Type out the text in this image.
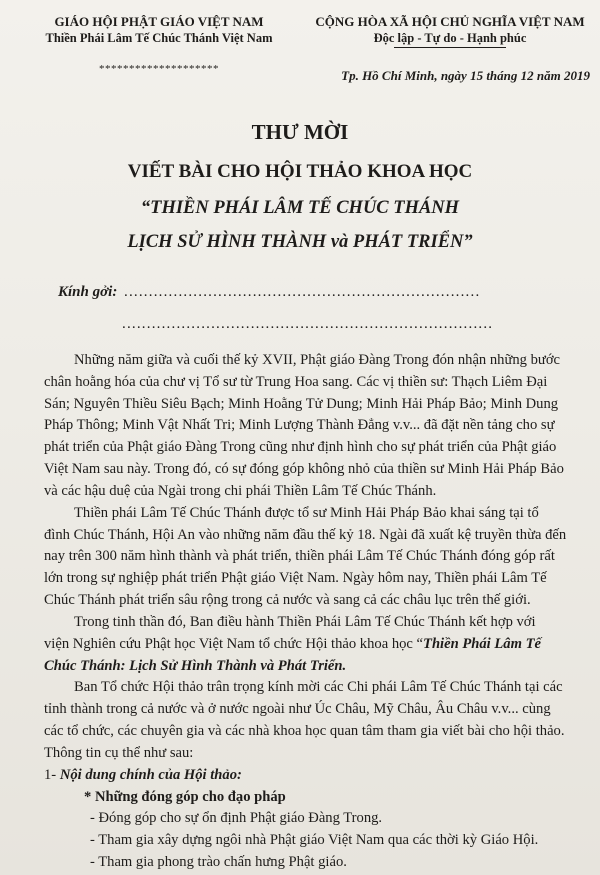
GIÁO HỘI PHẬT GIÁO VIỆT NAM
Thiền Phái Lâm Tế Chúc Thánh Việt Nam
********************
CỘNG HÒA XÃ HỘI CHỦ NGHĨA VIỆT NAM
Độc lập - Tự do - Hạnh phúc
Tp. Hồ Chí Minh, ngày 15 tháng 12 năm 2019
THƯ MỜI
VIẾT BÀI CHO HỘI THẢO KHOA HỌC
“THIỀN PHÁI LÂM TẾ CHÚC THÁNH
LỊCH SỬ HÌNH THÀNH và PHÁT TRIỂN”
Kính gởi: ........................................................................
...........................................................................
Những năm giữa và cuối thế kỷ XVII, Phật giáo Đàng Trong đón nhận những bước
chân hoằng hóa của chư vị Tổ sư từ Trung Hoa sang. Các vị thiền sư: Thạch Liêm Đại
Sán; Nguyên Thiều Siêu Bạch; Minh Hoằng Tử Dung; Minh Hải Pháp Bảo; Minh Dung
Pháp Thông; Minh Vật Nhất Tri; Minh Lượng Thành Đẳng v.v... đã đặt nền tảng cho sự
phát triển của Phật giáo Đàng Trong cũng như định hình cho sự phát triển của Phật giáo
Việt Nam sau này. Trong đó, có sự đóng góp không nhỏ của thiền sư Minh Hải Pháp Bảo
và các hậu duệ của Ngài trong chi phái Thiền Lâm Tế Chúc Thánh.
Thiền phái Lâm Tế Chúc Thánh được tổ sư Minh Hải Pháp Bảo khai sáng tại tổ
đình Chúc Thánh, Hội An vào những năm đầu thế kỷ 18. Ngài đã xuất kệ truyền thừa đến
nay trên 300 năm hình thành và phát triển, thiền phái Lâm Tế Chúc Thánh đóng góp rất
lớn trong sự nghiệp phát triển Phật giáo Việt Nam. Ngày hôm nay, Thiền phái Lâm Tế
Chúc Thánh phát triển sâu rộng trong cả nước và sang cả các châu lục trên thế giới.
Trong tinh thần đó, Ban điều hành Thiền Phái Lâm Tế Chúc Thánh kết hợp với
viện Nghiên cứu Phật học Việt Nam tổ chức Hội thảo khoa học “Thiền Phái Lâm Tế
Chúc Thánh: Lịch Sử Hình Thành và Phát Triển.
Ban Tổ chức Hội thảo trân trọng kính mời các Chi phái Lâm Tế Chúc Thánh tại các
tỉnh thành trong cả nước và ở nước ngoài như Úc Châu, Mỹ Châu, Âu Châu v.v... cùng
các tổ chức, các chuyên gia và các nhà khoa học quan tâm tham gia viết bài cho hội thảo.
Thông tin cụ thể như sau:
1- Nội dung chính của Hội thảo:
* Những đóng góp cho đạo pháp
- Đóng góp cho sự ổn định Phật giáo Đàng Trong.
- Tham gia xây dựng ngôi nhà Phật giáo Việt Nam qua các thời kỳ Giáo Hội.
- Tham gia phong trào chấn hưng Phật giáo.
